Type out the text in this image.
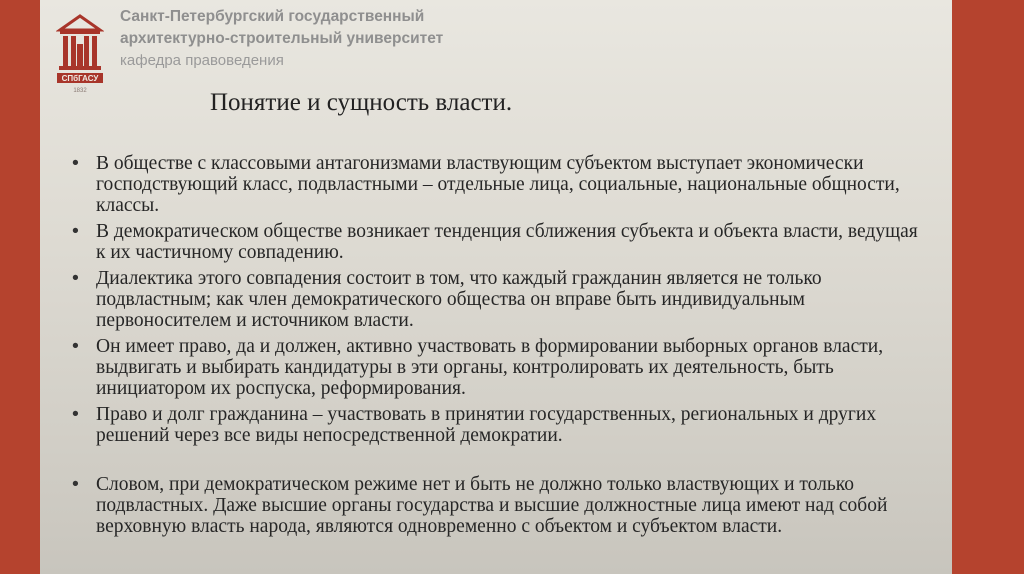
СПбГАСУ
1832
Санкт-Петербургский государственный
архитектурно-строительный университет
кафедра правоведения
Понятие и сущность власти.
• В обществе с классовыми антагонизмами властвующим субъектом выступает экономически господствующий класс, подвластными – отдельные лица, социальные, национальные общности, классы.
• В демократическом обществе возникает тенденция сближения субъекта и объекта власти, ведущая к их частичному совпадению.
• Диалектика этого совпадения состоит в том, что каждый гражданин является не только подвластным; как член демократического общества он вправе быть индивидуальным первоносителем и источником власти.
• Он имеет право, да и должен, активно участвовать в формировании выборных органов власти, выдвигать и выбирать кандидатуры в эти органы, контролировать их деятельность, быть инициатором их роспуска, реформирования.
• Право и долг гражданина – участвовать в принятии государственных, региональных и других решений через все виды непосредственной демократии.
• Словом, при демократическом режиме нет и быть не должно только властвующих и только подвластных. Даже высшие органы государства и высшие должностные лица имеют над собой верховную власть народа, являются одновременно с объектом и субъектом власти.
